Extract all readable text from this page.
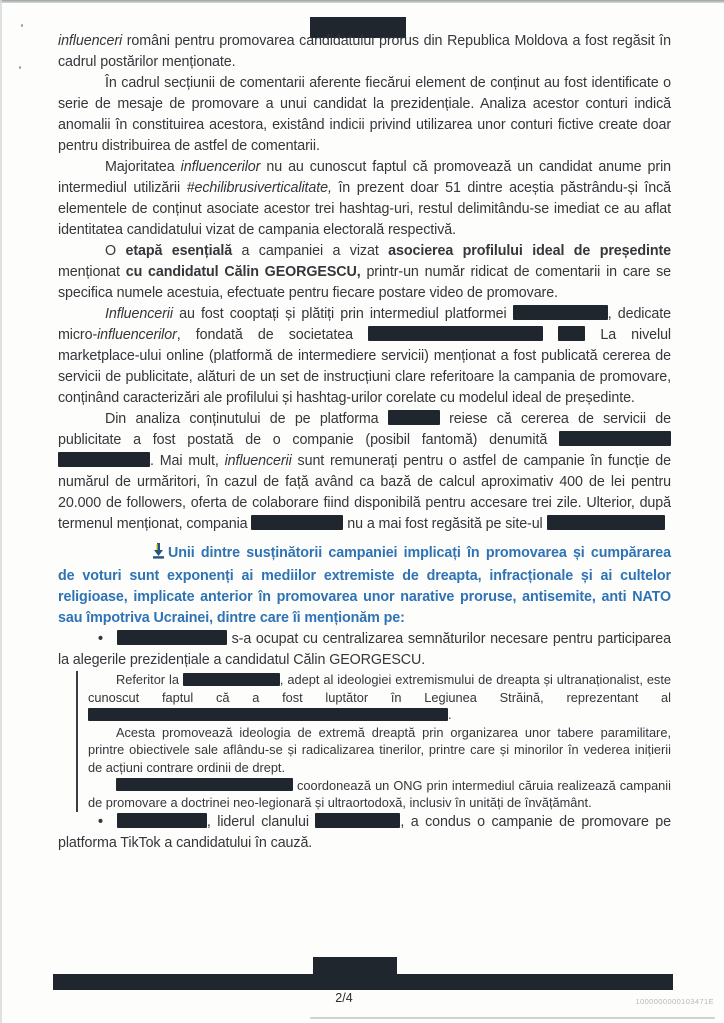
influenceri români pentru promovarea candidatului prorus din Republica Moldova a fost regăsit în cadrul postărilor menționate.

În cadrul secțiunii de comentarii aferente fiecărui element de conținut au fost identificate o serie de mesaje de promovare a unui candidat la prezidențiale. Analiza acestor conturi indică anomalii în constituirea acestora, existând indicii privind utilizarea unor conturi fictive create doar pentru distribuirea de astfel de comentarii.

Majoritatea influencerilor nu au cunoscut faptul că promovează un candidat anume prin intermediul utilizării #echilibrusiverticalitate, în prezent doar 51 dintre aceștia păstrându-și încă elementele de conținut asociate acestor trei hashtag-uri, restul delimitându-se imediat ce au aflat identitatea candidatului vizat de campania electorală respectivă.

O etapă esențială a campaniei a vizat asocierea profilului ideal de președinte menționat cu candidatul Călin GEORGESCU, printr-un număr ridicat de comentarii in care se specifica numele acestuia, efectuate pentru fiecare postare video de promovare.

Influencerii au fost cooptați și plătiți prin intermediul platformei	, dedicate micro-influencerilor, fondată de societatea	La nivelul marketplace-ului online (platformă de intermediere servicii) menționat a fost publicată cererea de servicii de publicitate, alături de un set de instrucțiuni clare referitoare la campania de promovare, conținând caracterizări ale profilului și hashtag-urilor corelate cu modelul ideal de președinte.

Din analiza conținutului de pe platforma	reiese că cererea de servicii de publicitate a fost postată de o companie (posibil fantomă) denumită  . Mai mult, influencerii sunt remunerați pentru o astfel de campanie în funcție de numărul de urmăritori, în cazul de față având ca bază de calcul aproximativ 400 de lei pentru 20.000 de followers, oferta de colaborare fiind disponibilă pentru accesare trei zile. Ulterior, după termenul menționat, compania	nu a mai fost regăsită pe site-ul

Unii dintre susținătorii campaniei implicați în promovarea și cumpărarea de voturi sunt exponenți ai mediilor extremiste de dreapta, infracționale și ai cultelor religioase, implicate anterior în promovarea unor narative proruse, antisemite, anti NATO sau împotriva Ucrainei, dintre care îi menționăm pe:

•	s-a ocupat cu centralizarea semnăturilor necesare pentru participarea la alegerile prezidențiale a candidatul Călin GEORGESCU.

Referitor la	, adept al ideologiei extremismului de dreapta și ultranaționalist, este cunoscut faptul că a fost luptător în Legiunea Străină, reprezentant al .

Acesta promovează ideologia de extremă dreaptă prin organizarea unor tabere paramilitare, printre obiectivele sale aflându-se și radicalizarea tinerilor, printre care și minorilor în vederea inițierii de acțiuni contrare ordinii de drept.

coordonează un ONG prin intermediul căruia realizează campanii de promovare a doctrinei neo-legionară și ultraortodoxă, inclusiv în unități de învățământ.

•	, liderul clanului	, a condus o campanie de promovare pe platforma TikTok a candidatului în cauză.

2/4	1000000000103471E
